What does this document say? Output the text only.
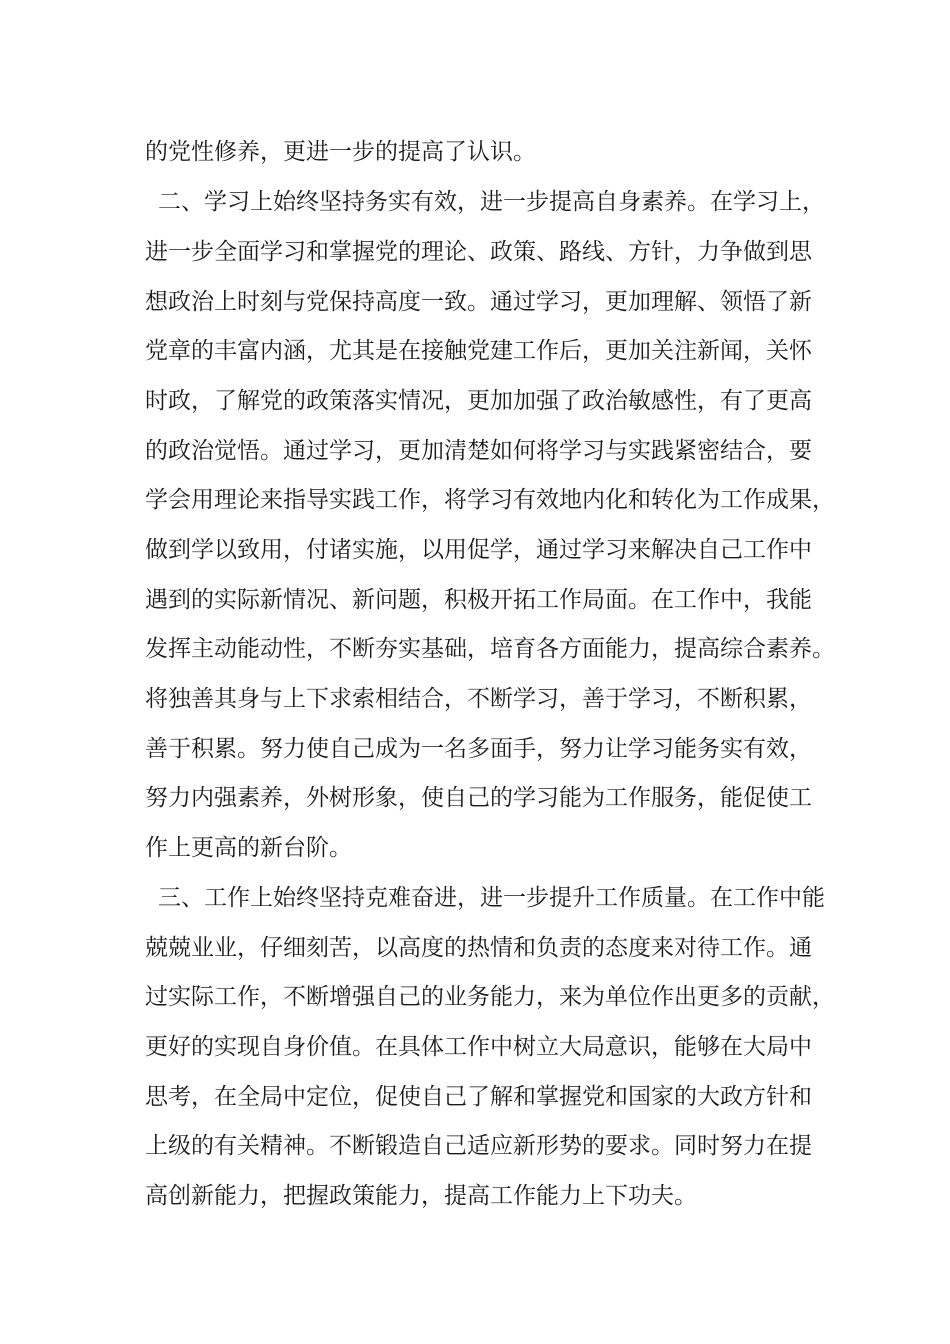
的党性修养，更进一步的提高了认识。
二、学习上始终坚持务实有效，进一步提高自身素养。在学习上，
进一步全面学习和掌握党的理论、政策、路线、方针，力争做到思
想政治上时刻与党保持高度一致。通过学习，更加理解、领悟了新
党章的丰富内涵，尤其是在接触党建工作后，更加关注新闻，关怀
时政，了解党的政策落实情况，更加加强了政治敏感性，有了更高
的政治觉悟。通过学习，更加清楚如何将学习与实践紧密结合，要
学会用理论来指导实践工作，将学习有效地内化和转化为工作成果，
做到学以致用，付诸实施，以用促学，通过学习来解决自己工作中
遇到的实际新情况、新问题，积极开拓工作局面。在工作中，我能
发挥主动能动性，不断夯实基础，培育各方面能力，提高综合素养。
将独善其身与上下求索相结合，不断学习，善于学习，不断积累，
善于积累。努力使自己成为一名多面手，努力让学习能务实有效，
努力内强素养，外树形象，使自己的学习能为工作服务，能促使工
作上更高的新台阶。
三、工作上始终坚持克难奋进，进一步提升工作质量。在工作中能
兢兢业业，仔细刻苦，以高度的热情和负责的态度来对待工作。通
过实际工作，不断增强自己的业务能力，来为单位作出更多的贡献，
更好的实现自身价值。在具体工作中树立大局意识，能够在大局中
思考，在全局中定位，促使自己了解和掌握党和国家的大政方针和
上级的有关精神。不断锻造自己适应新形势的要求。同时努力在提
高创新能力，把握政策能力，提高工作能力上下功夫。
